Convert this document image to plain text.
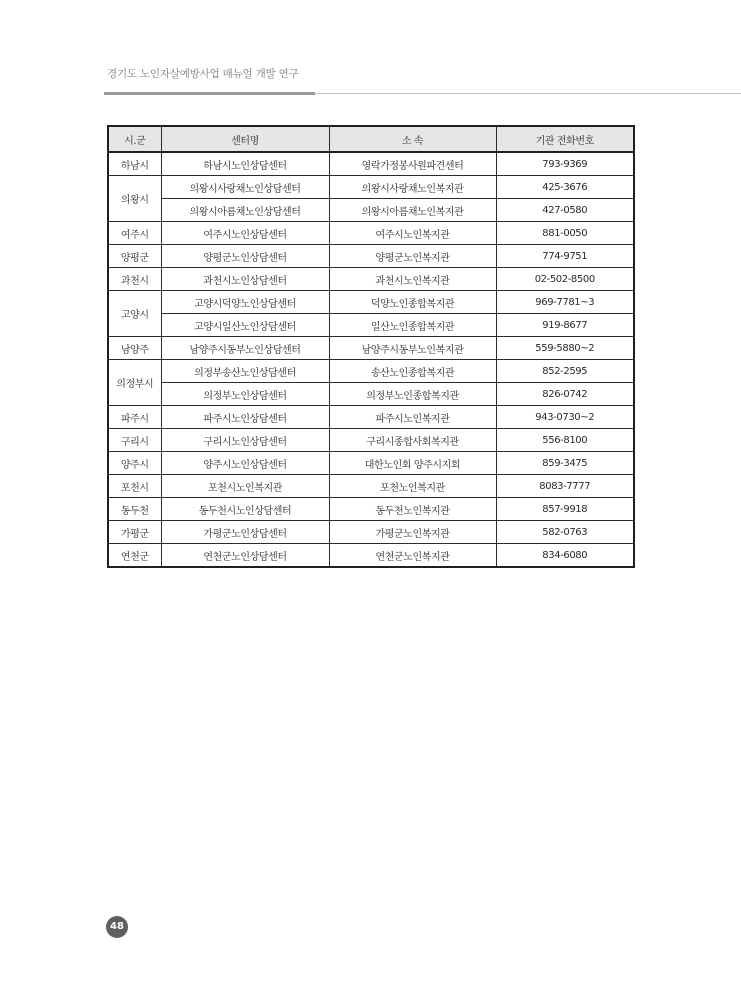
경기도 노인자살예방사업 매뉴얼 개발 연구
시.군	센터명	소 속	기관 전화번호
하남시	하남시노인상담센터	영락가정봉사원파견센터	793-9369
의왕시	의왕시사랑채노인상담센터	의왕시사랑채노인복지관	425-3676
	의왕시아름채노인상담센터	의왕시아름채노인복지관	427-0580
여주시	여주시노인상담센터	여주시노인복지관	881-0050
양평군	양평군노인상담센터	양평군노인복지관	774-9751
과천시	과천시노인상담센터	과천시노인복지관	02-502-8500
고양시	고양시덕양노인상담센터	덕양노인종합복지관	969-7781~3
	고양시일산노인상담센터	일산노인종합복지관	919-8677
남양주	남양주시동부노인상담센터	남양주시동부노인복지관	559-5880~2
의정부시	의정부송산노인상담센터	송산노인종합복지관	852-2595
	의정부노인상담센터	의정부노인종합복지관	826-0742
파주시	파주시노인상담센터	파주시노인복지관	943-0730~2
구리시	구리시노인상담센터	구리시종합사회복지관	556-8100
양주시	양주시노인상담센터	대한노인회 양주시지회	859-3475
포천시	포천시노인복지관	포천노인복지관	8083-7777
동두천	동두천시노인상담센터	동두천노인복지관	857-9918
가평군	가평군노인상담센터	가평군노인복지관	582-0763
연천군	연천군노인상담센터	연천군노인복지관	834-6080
48
